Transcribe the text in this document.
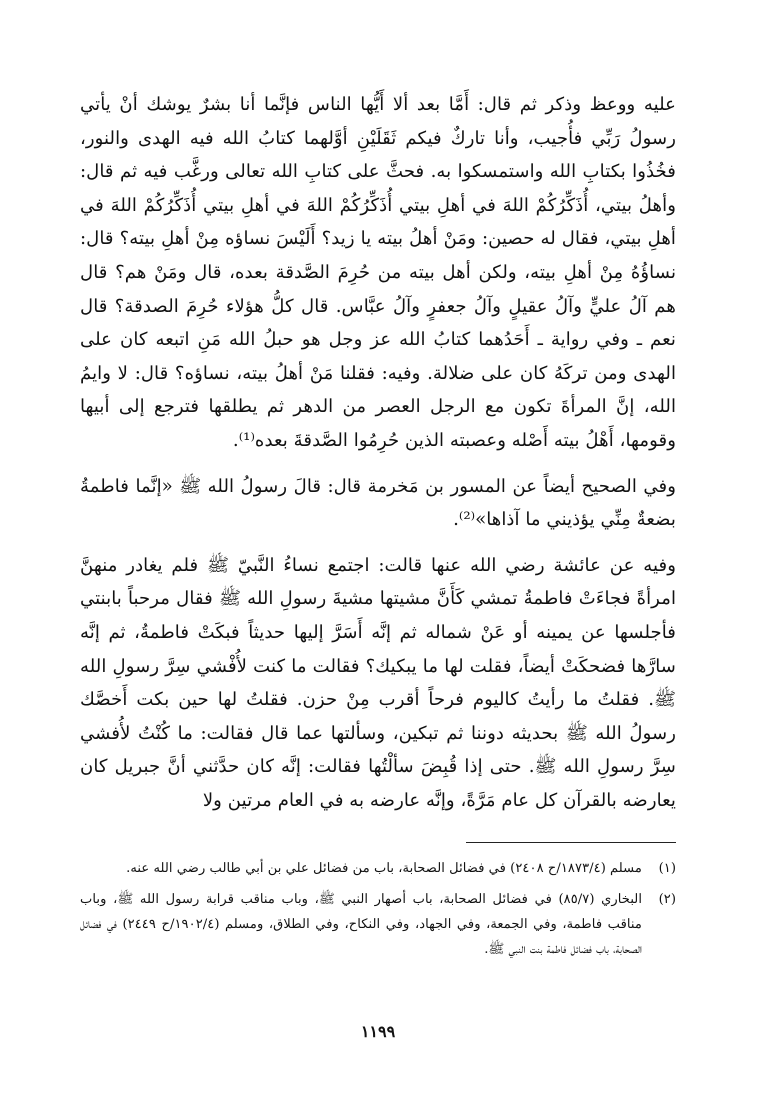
عليه ووعظ وذكر ثم قال: أَمَّا بعد ألا أَيُّها الناس فإنَّما أنا بشرٌ يوشك أنْ يأتي رسولُ رَبِّي فأُجيب، وأنا تاركٌ فيكم ثَقَلَيْنِ أوَّلهما كتابُ الله فيه الهدى والنور، فخُذُوا بكتابِ الله واستمسكوا به. فحثَّ على كتابِ الله تعالى ورغَّب فيه ثم قال: وأهلُ بيتي، أُذَكِّرُكُمْ اللهَ في أهلِ بيتي أُذَكِّرُكُمْ اللهَ في أهلِ بيتي أُذَكِّرُكُمْ اللهَ في أهلِ بيتي، فقال له حصين: ومَنْ أهلُ بيته يا زيد؟ أَلَيْسَ نساؤه مِنْ أهلِ بيته؟ قال: نساؤُهُ مِنْ أهلِ بيته، ولكن أهل بيته من حُرِمَ الصَّدقة بعده، قال ومَنْ هم؟ قال هم آلُ عليٍّ وآلُ عقيلٍ وآلُ جعفرٍ وآلُ عبَّاس. قال كلُّ هؤلاء حُرِمَ الصدقة؟ قال نعم ـ وفي رواية ـ أَحَدُهما كتابُ الله عز وجل هو حبلُ الله مَنِ اتبعه كان على الهدى ومن تركَهُ كان على ضلالة. وفيه: فقلنا مَنْ أهلُ بيته، نساؤه؟ قال: لا وايمُ الله، إنَّ المرأةَ تكون مع الرجل العصر من الدهر ثم يطلقها فترجع إلى أبيها وقومها، أَهْلُ بيته أَصْله وعصبته الذين حُرِمُوا الصَّدقةَ بعده⁽¹⁾.

وفي الصحيح أيضاً عن المسور بن مَخرمة قال: قالَ رسولُ الله ﷺ «إنَّما فاطمةُ بضعةٌ مِنِّي يؤذيني ما آذاها»⁽²⁾.

وفيه عن عائشة رضي الله عنها قالت: اجتمع نساءُ النَّبيّ ﷺ فلم يغادر منهنَّ امرأةً فجاءَتْ فاطمةُ تمشي كَأَنَّ مشيتها مشيةَ رسولِ الله ﷺ فقال مرحباً بابنتي فأجلسها عن يمينه أو عَنْ شماله ثم إنَّه أَسَرَّ إليها حديثاً فبكَتْ فاطمةُ، ثم إنَّه سارَّها فضحكَتْ أيضاً، فقلت لها ما يبكيك؟ فقالت ما كنت لأُفْشي سِرَّ رسولِ الله ﷺ. فقلتُ ما رأيتُ كاليوم فرحاً أقرب مِنْ حزن. فقلتُ لها حين بكت أَخصَّك رسولُ الله ﷺ بحديثه دوننا ثم تبكين، وسألتها عما قال فقالت: ما كُنْتُ لأُفشي سِرَّ رسولِ الله ﷺ. حتى إذا قُبِضَ سألْتُها فقالت: إنَّه كان حدَّثني أنَّ جبريل كان يعارضه بالقرآن كل عام مَرَّةً، وإنَّه عارضه به في العام مرتين ولا

(١)
مسلم (١٨٧٣/٤/ح ٢٤٠٨) في فضائل الصحابة، باب من فضائل علي بن أبي طالب رضي الله عنه.
(٢)
البخاري (٨٥/٧) في فضائل الصحابة، باب أصهار النبي ﷺ، وباب مناقب قرابة رسول الله ﷺ، وباب مناقب فاطمة، وفي الجمعة، وفي الجهاد، وفي النكاح، وفي الطلاق، ومسلم (١٩٠٢/٤/ح ٢٤٤٩) في فضائل الصحابة، باب فضائل فاطمة بنت النبي ﷺ.
١١٩٩
